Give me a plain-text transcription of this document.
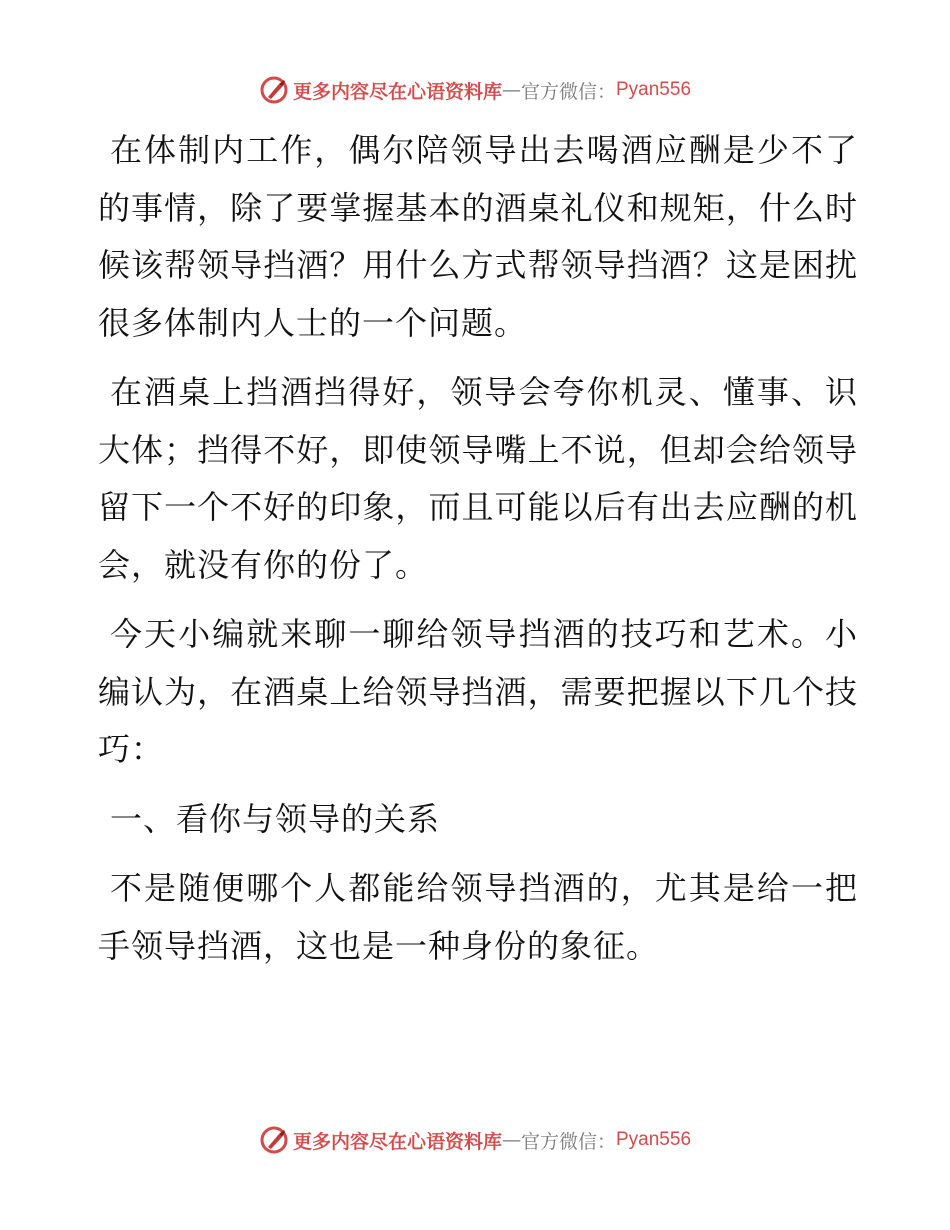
更多内容尽在心语资料库 — 官方微信： Pyan556

在体制内工作，偶尔陪领导出去喝酒应酬是少不了的事情，除了要掌握基本的酒桌礼仪和规矩，什么时候该帮领导挡酒？用什么方式帮领导挡酒？这是困扰很多体制内人士的一个问题。

在酒桌上挡酒挡得好，领导会夸你机灵、懂事、识大体；挡得不好，即使领导嘴上不说，但却会给领导留下一个不好的印象，而且可能以后有出去应酬的机会，就没有你的份了。

今天小编就来聊一聊给领导挡酒的技巧和艺术。小编认为，在酒桌上给领导挡酒，需要把握以下几个技巧：

一、看你与领导的关系

不是随便哪个人都能给领导挡酒的，尤其是给一把手领导挡酒，这也是一种身份的象征。

更多内容尽在心语资料库 — 官方微信： Pyan556
